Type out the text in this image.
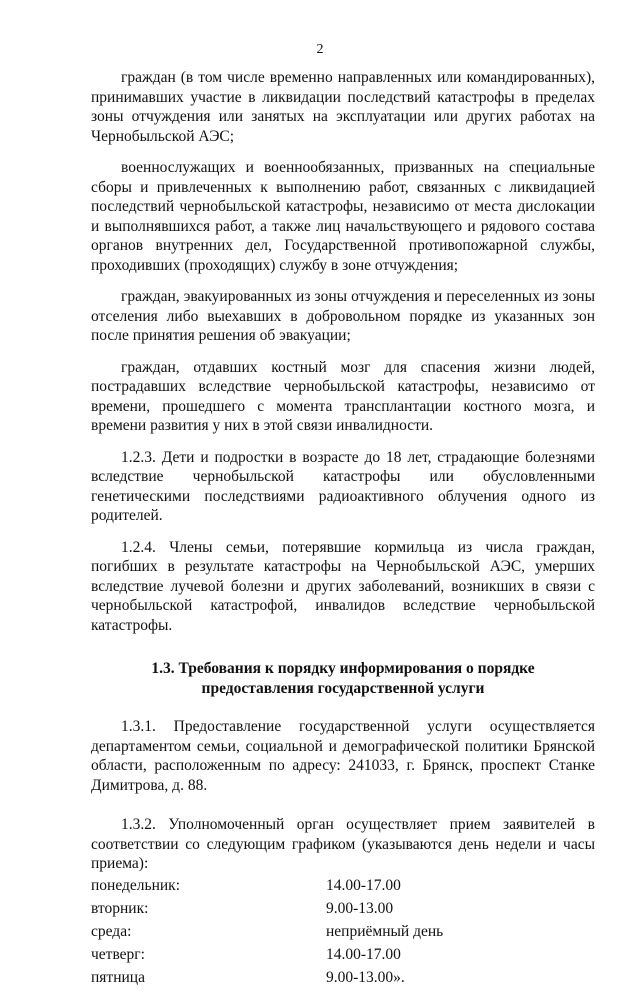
2

граждан (в том числе временно направленных или командированных), принимавших участие в ликвидации последствий катастрофы в пределах зоны отчуждения или занятых на эксплуатации или других работах на Чернобыльской АЭС;

военнослужащих и военнообязанных, призванных на специальные сборы и привлеченных к выполнению работ, связанных с ликвидацией последствий чернобыльской катастрофы, независимо от места дислокации и выполнявшихся работ, а также лиц начальствующего и рядового состава органов внутренних дел, Государственной противопожарной службы, проходивших (проходящих) службу в зоне отчуждения;

граждан, эвакуированных из зоны отчуждения и переселенных из зоны отселения либо выехавших в добровольном порядке из указанных зон после принятия решения об эвакуации;

граждан, отдавших костный мозг для спасения жизни людей, пострадавших вследствие чернобыльской катастрофы, независимо от времени, прошедшего с момента трансплантации костного мозга, и времени развития у них в этой связи инвалидности.

1.2.3. Дети и подростки в возрасте до 18 лет, страдающие болезнями вследствие чернобыльской катастрофы или обусловленными генетическими последствиями радиоактивного облучения одного из родителей.

1.2.4. Члены семьи, потерявшие кормильца из числа граждан, погибших в результате катастрофы на Чернобыльской АЭС, умерших вследствие лучевой болезни и других заболеваний, возникших в связи с чернобыльской катастрофой, инвалидов вследствие чернобыльской катастрофы.

1.3. Требования к порядку информирования о порядке предоставления государственной услуги

1.3.1. Предоставление государственной услуги осуществляется департаментом семьи, социальной и демографической политики Брянской области, расположенным по адресу: 241033, г. Брянск, проспект Станке Димитрова, д. 88.

1.3.2. Уполномоченный орган осуществляет прием заявителей в соответствии со следующим графиком (указываются день недели и часы приема):

понедельник:	14.00-17.00
вторник:	9.00-13.00
среда:	неприёмный день
четверг:	14.00-17.00
пятница	9.00-13.00».
